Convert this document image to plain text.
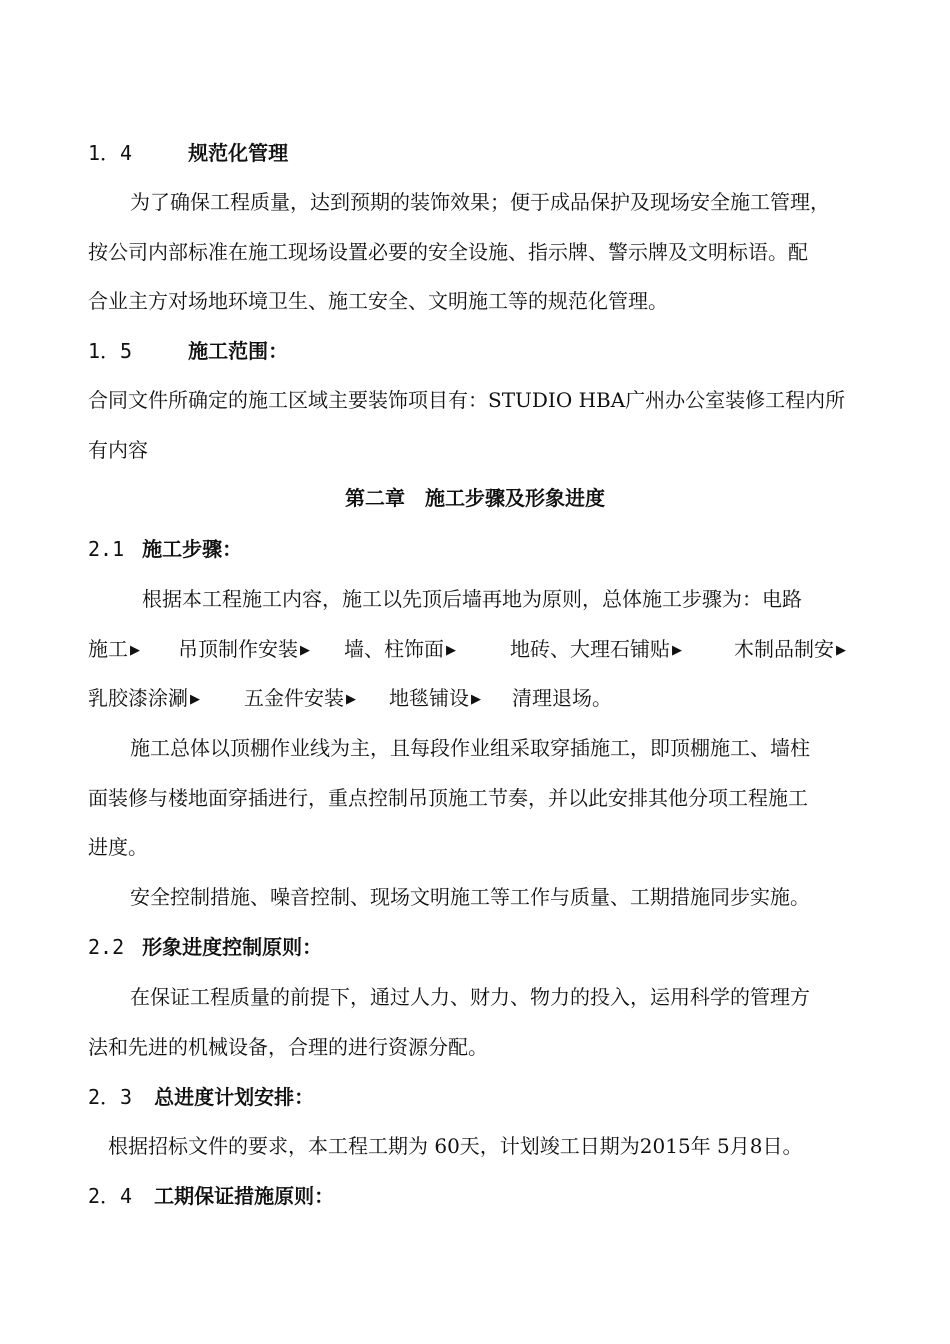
1．4	规范化管理
为了确保工程质量，达到预期的装饰效果；便于成品保护及现场安全施工管理，
按公司内部标准在施工现场设置必要的安全设施、指示牌、警示牌及文明标语。配
合业主方对场地环境卫生、施工安全、文明施工等的规范化管理。
1．5	施工范围：
合同文件所确定的施工区域主要装饰项目有：STUDIO HBA广州办公室装修工程内所
有内容
第二章　施工步骤及形象进度
2.1 施工步骤：
根据本工程施工内容，施工以先顶后墙再地为原则，总体施工步骤为：电路
施工 ▶ 吊顶制作安装 ▶ 墙、柱饰面 ▶	地砖、大理石铺贴 ▶	木制品制安 ▶
乳胶漆涂涮 ▶ 五金件安装 ▶ 地毯铺设 ▶ 清理退场。
施工总体以顶棚作业线为主，且每段作业组采取穿插施工，即顶棚施工、墙柱
面装修与楼地面穿插进行，重点控制吊顶施工节奏，并以此安排其他分项工程施工
进度。
安全控制措施、噪音控制、现场文明施工等工作与质量、工期措施同步实施。
2.2 形象进度控制原则：
在保证工程质量的前提下，通过人力、财力、物力的投入，运用科学的管理方
法和先进的机械设备，合理的进行资源分配。
2．3 总进度计划安排：
根据招标文件的要求，本工程工期为 60天，计划竣工日期为2015年 5月8日。
2．4 工期保证措施原则：
